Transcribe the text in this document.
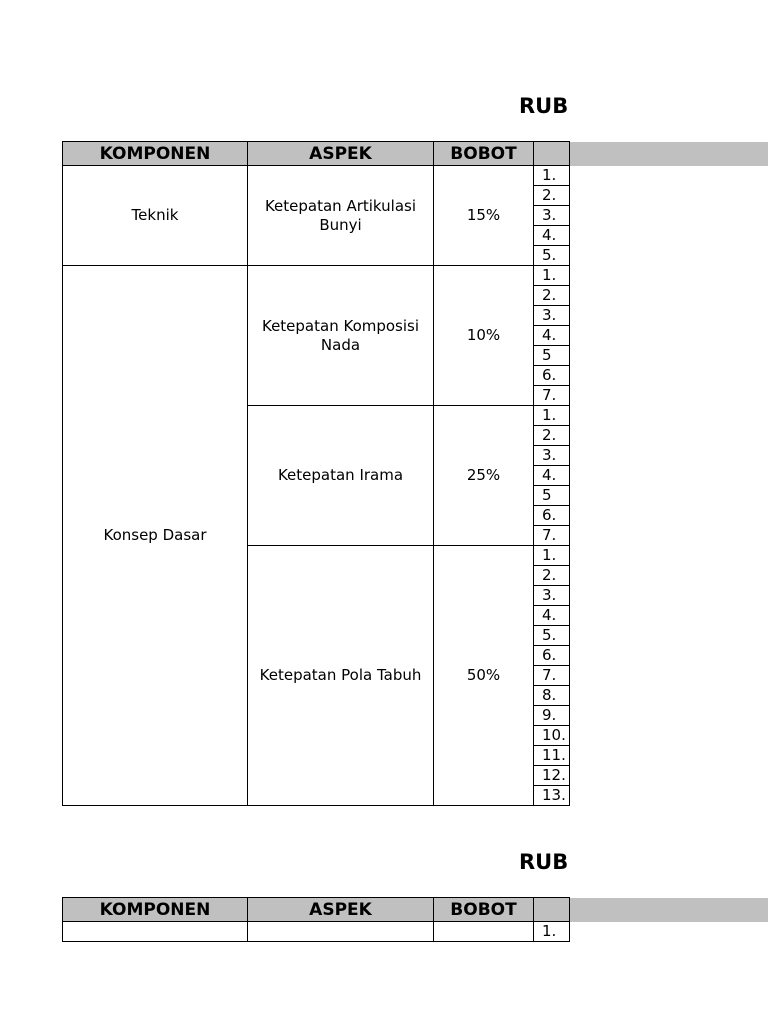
RUB
KOMPONEN	ASPEK	BOBOT	
Teknik	Ketepatan Artikulasi Bunyi	15%	1.
			2.
			3.
			4.
			5.
Konsep Dasar	Ketepatan Komposisi Nada	10%	1.
			2.
			3.
			4.
			5
			6.
			7.
	Ketepatan Irama	25%	1.
			2.
			3.
			4.
			5
			6.
			7.
	Ketepatan Pola Tabuh	50%	1.
			2.
			3.
			4.
			5.
			6.
			7.
			8.
			9.
			10.
			11.
			12.
			13.
RUB
KOMPONEN	ASPEK	BOBOT	
			1.
